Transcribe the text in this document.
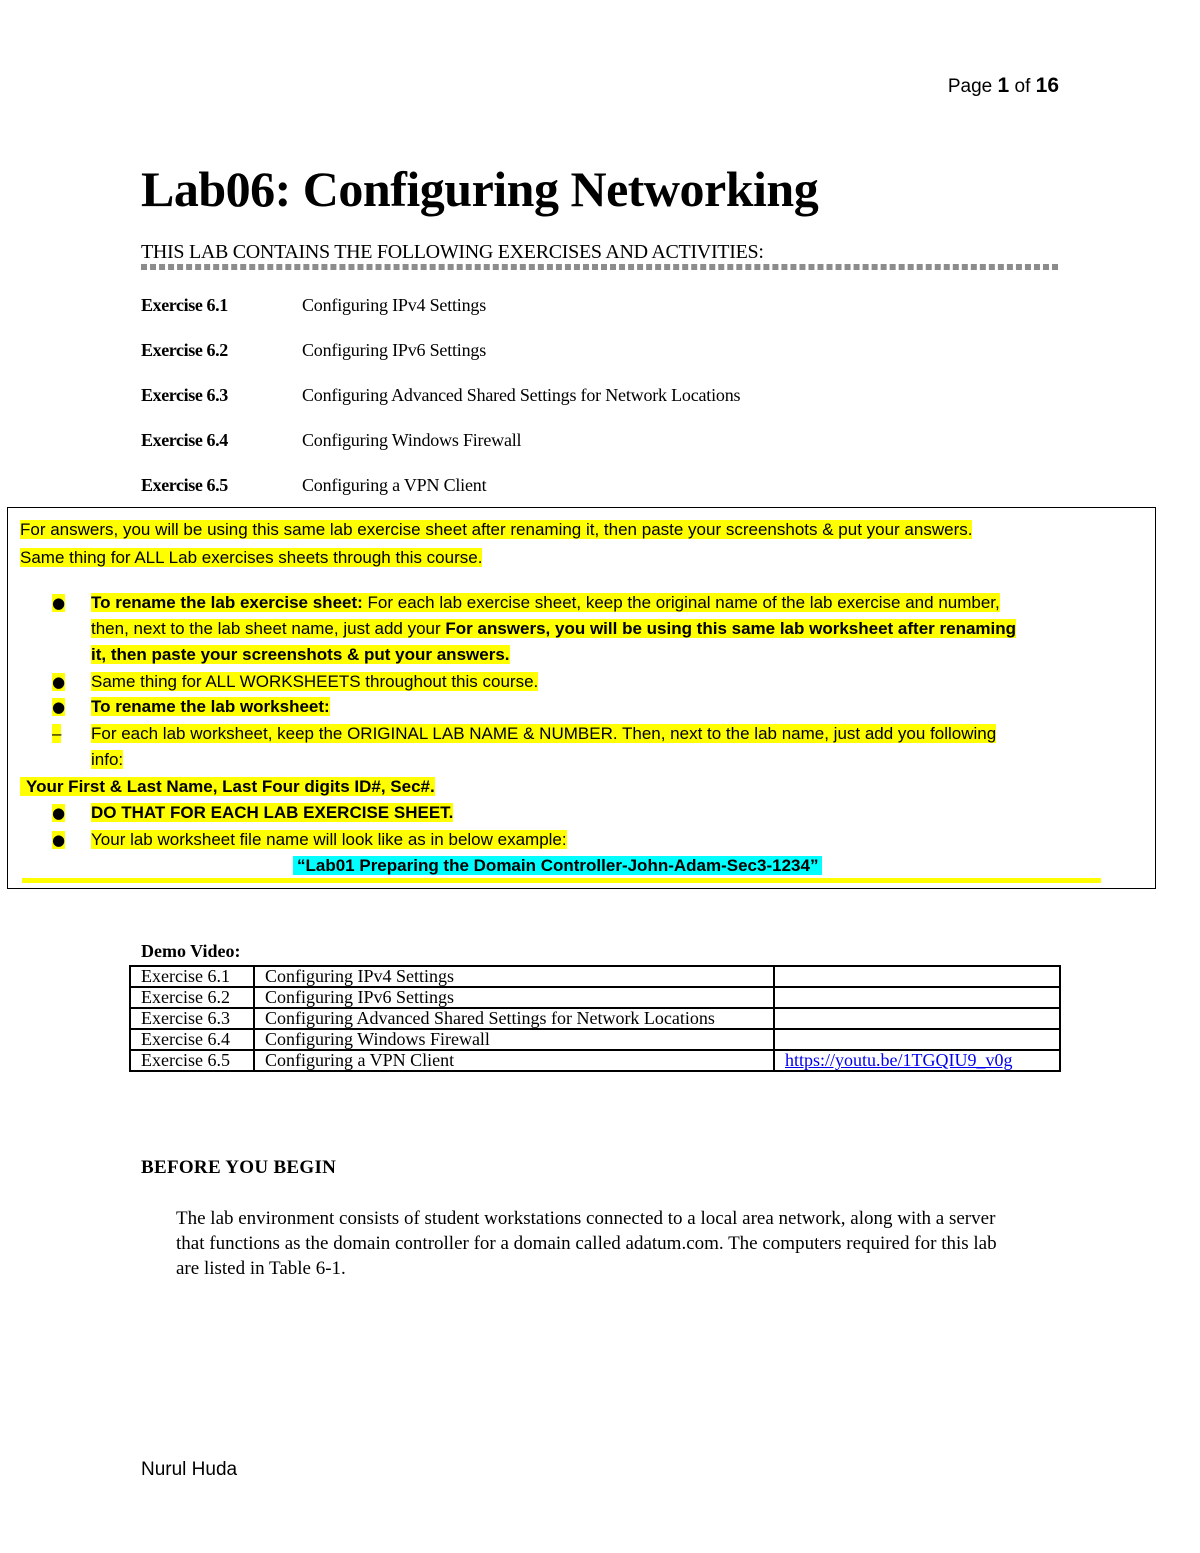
Page 1 of 16
Lab06: Configuring Networking
THIS LAB CONTAINS THE FOLLOWING EXERCISES AND ACTIVITIES:
Exercise 6.1	Configuring IPv4 Settings
Exercise 6.2	Configuring IPv6 Settings
Exercise 6.3	Configuring Advanced Shared Settings for Network Locations
Exercise 6.4	Configuring Windows Firewall
Exercise 6.5	Configuring a VPN Client
For answers, you will be using this same lab exercise sheet after renaming it, then paste your screenshots & put your answers.
Same thing for ALL Lab exercises sheets through this course.
● To rename the lab exercise sheet: For each lab exercise sheet, keep the original name of the lab exercise and number,
then, next to the lab sheet name, just add your For answers, you will be using this same lab worksheet after renaming
it, then paste your screenshots & put your answers.
● Same thing for ALL WORKSHEETS throughout this course.
● To rename the lab worksheet:
– For each lab worksheet, keep the ORIGINAL LAB NAME & NUMBER. Then, next to the lab name, just add you following
info:
Your First & Last Name, Last Four digits ID#, Sec#.
● DO THAT FOR EACH LAB EXERCISE SHEET.
● Your lab worksheet file name will look like as in below example:
“Lab01 Preparing the Domain Controller-John-Adam-Sec3-1234”
Demo Video:
Exercise 6.1	Configuring IPv4 Settings	
Exercise 6.2	Configuring IPv6 Settings	
Exercise 6.3	Configuring Advanced Shared Settings for Network Locations	
Exercise 6.4	Configuring Windows Firewall	
Exercise 6.5	Configuring a VPN Client	https://youtu.be/1TGQIU9_v0g
BEFORE YOU BEGIN

The lab environment consists of student workstations connected to a local area network, along with a server that functions as the domain controller for a domain called adatum.com. The computers required for this lab are listed in Table 6-1.

Nurul Huda
